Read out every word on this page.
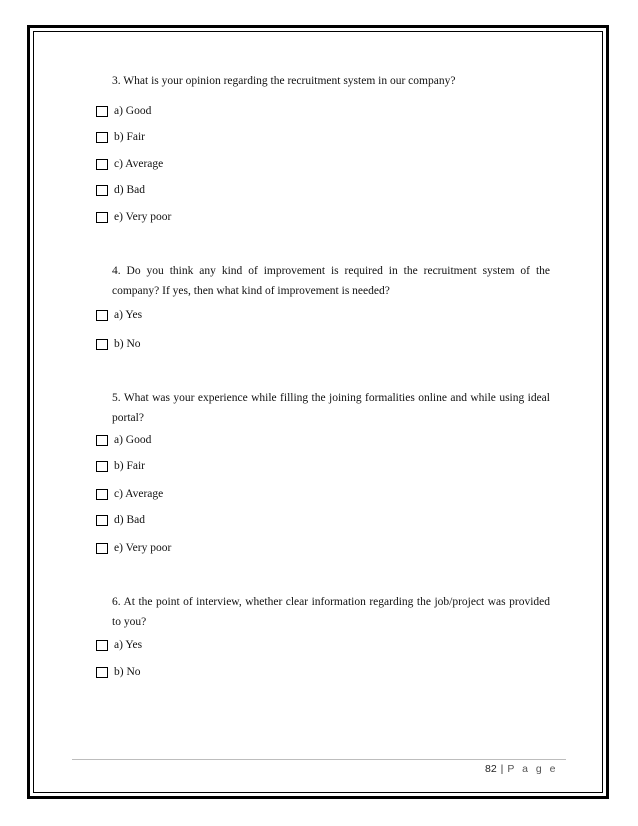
3. What is your opinion regarding the recruitment system in our company?

a) Good
b) Fair
c) Average
d) Bad
e) Very poor

4. Do you think any kind of improvement is required in the recruitment system of the company? If yes, then what kind of improvement is needed?

a) Yes
b) No

5. What was your experience while filling the joining formalities online and while using ideal portal?

a) Good
b) Fair
c) Average
d) Bad
e) Very poor

6. At the point of interview, whether clear information regarding the job/project was provided to you?

a) Yes
b) No
82 | P a g e
